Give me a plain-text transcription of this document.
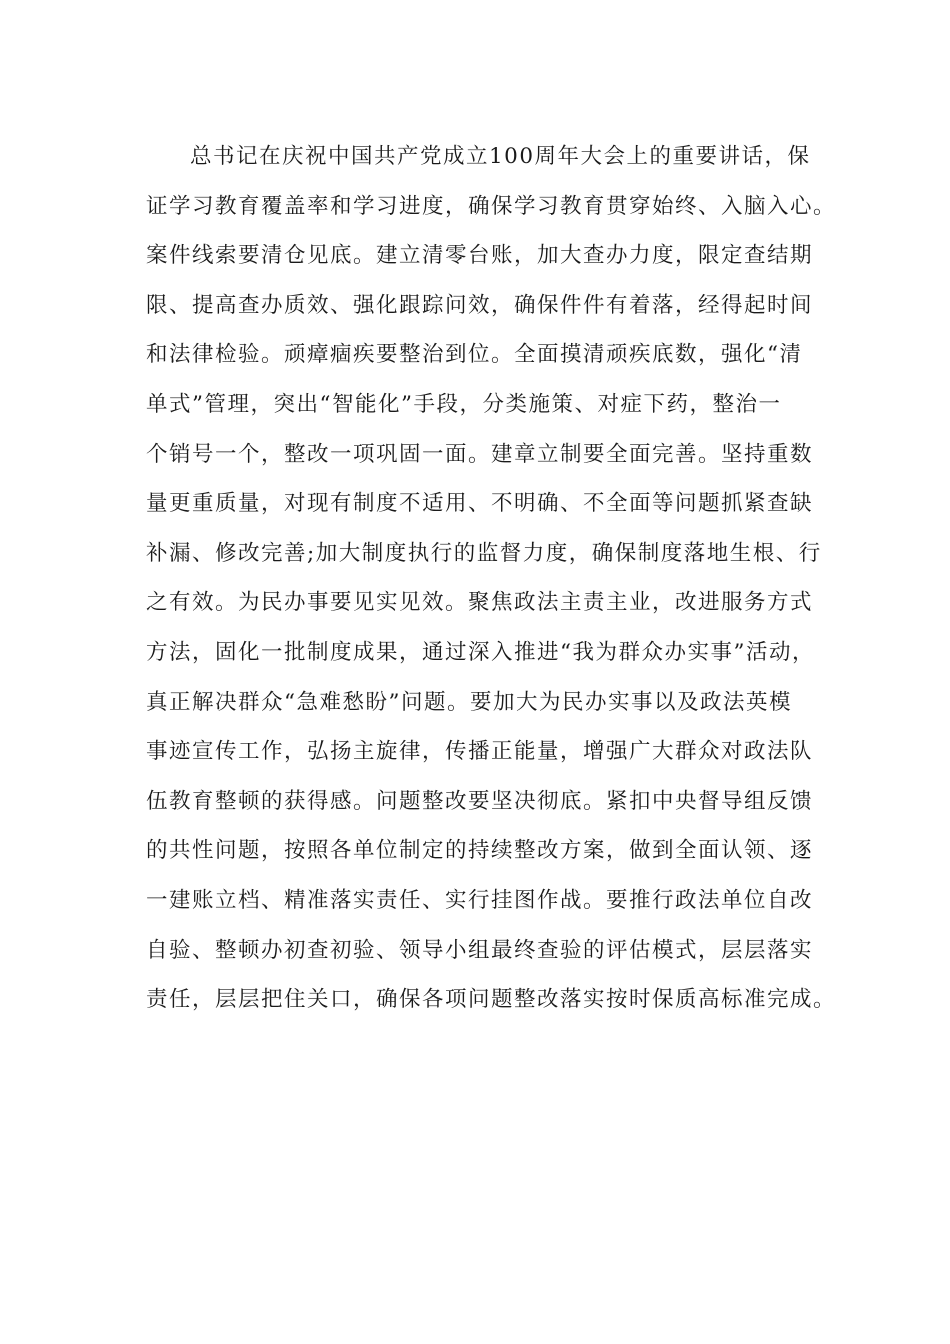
总书记在庆祝中国共产党成立100周年大会上的重要讲话，保
证学习教育覆盖率和学习进度，确保学习教育贯穿始终、入脑入心。
案件线索要清仓见底。建立清零台账，加大查办力度，限定查结期
限、提高查办质效、强化跟踪问效，确保件件有着落，经得起时间
和法律检验。顽瘴痼疾要整治到位。全面摸清顽疾底数，强化“清
单式”管理，突出“智能化”手段，分类施策、对症下药，整治一
个销号一个，整改一项巩固一面。建章立制要全面完善。坚持重数
量更重质量，对现有制度不适用、不明确、不全面等问题抓紧查缺
补漏、修改完善;加大制度执行的监督力度，确保制度落地生根、行
之有效。为民办事要见实见效。聚焦政法主责主业，改进服务方式
方法，固化一批制度成果，通过深入推进“我为群众办实事”活动，
真正解决群众“急难愁盼”问题。要加大为民办实事以及政法英模
事迹宣传工作，弘扬主旋律，传播正能量，增强广大群众对政法队
伍教育整顿的获得感。问题整改要坚决彻底。紧扣中央督导组反馈
的共性问题，按照各单位制定的持续整改方案，做到全面认领、逐
一建账立档、精准落实责任、实行挂图作战。要推行政法单位自改
自验、整顿办初查初验、领导小组最终查验的评估模式，层层落实
责任，层层把住关口，确保各项问题整改落实按时保质高标准完成。
